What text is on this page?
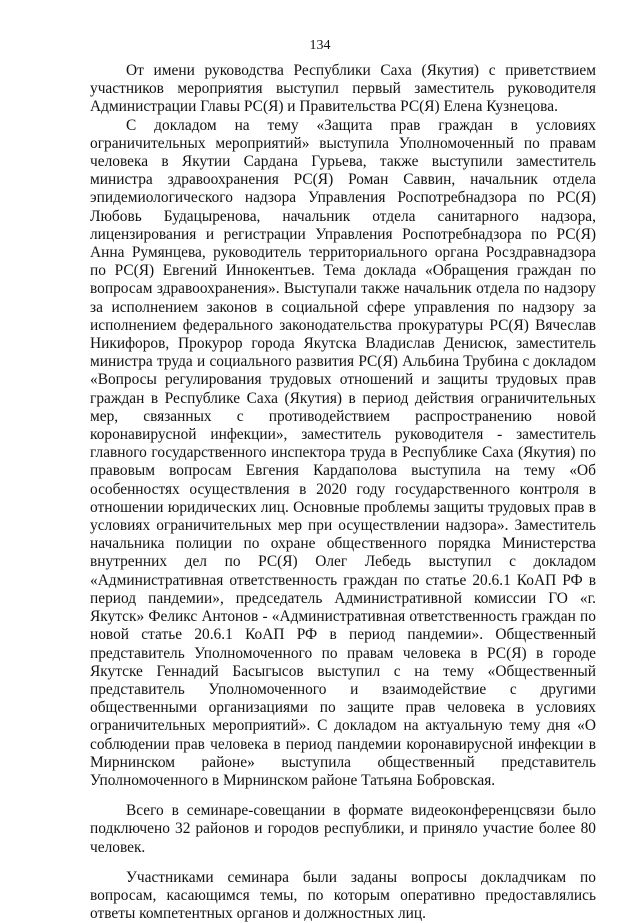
134

От имени руководства Республики Саха (Якутия) с приветствием участников мероприятия выступил первый заместитель руководителя Администрации Главы РС(Я) и Правительства РС(Я) Елена Кузнецова.

С докладом на тему «Защита прав граждан в условиях ограничительных мероприятий» выступила Уполномоченный по правам человека в Якутии Сардана Гурьева, также выступили заместитель министра здравоохранения РС(Я) Роман Саввин, начальник отдела эпидемиологического надзора Управления Роспотребнадзора по РС(Я) Любовь Будацыренова, начальник отдела санитарного надзора, лицензирования и регистрации Управления Роспотребнадзора по РС(Я) Анна Румянцева, руководитель территориального органа Росздравнадзора по РС(Я) Евгений Иннокентьев. Тема доклада «Обращения граждан по вопросам здравоохранения». Выступали также начальник отдела по надзору за исполнением законов в социальной сфере управления по надзору за исполнением федерального законодательства прокуратуры РС(Я) Вячеслав Никифоров, Прокурор города Якутска Владислав Денисюк, заместитель министра труда и социального развития РС(Я) Альбина Трубина с докладом «Вопросы регулирования трудовых отношений и защиты трудовых прав граждан в Республике Саха (Якутия) в период действия ограничительных мер, связанных с противодействием распространению новой коронавирусной инфекции», заместитель руководителя - заместитель главного государственного инспектора труда в Республике Саха (Якутия) по правовым вопросам Евгения Кардаполова выступила на тему «Об особенностях осуществления в 2020 году государственного контроля в отношении юридических лиц. Основные проблемы защиты трудовых прав в условиях ограничительных мер при осуществлении надзора». Заместитель начальника полиции по охране общественного порядка Министерства внутренних дел по РС(Я) Олег Лебедь выступил с докладом «Административная ответственность граждан по статье 20.6.1 КоАП РФ в период пандемии», председатель Административной комиссии ГО «г. Якутск» Феликс Антонов - «Административная ответственность граждан по новой статье 20.6.1 КоАП РФ в период пандемии». Общественный представитель Уполномоченного по правам человека в РС(Я) в городе Якутске Геннадий Басыгысов выступил с на тему «Общественный представитель Уполномоченного и взаимодействие с другими общественными организациями по защите прав человека в условиях ограничительных мероприятий». С докладом на актуальную тему дня «О соблюдении прав человека в период пандемии коронавирусной инфекции в Мирнинском районе» выступила общественный представитель Уполномоченного в Мирнинском районе Татьяна Бобровская.

Всего в семинаре-совещании в формате видеоконференцсвязи было подключено 32 районов и городов республики, и приняло участие более 80 человек.

Участниками семинара были заданы вопросы докладчикам по вопросам, касающимся темы, по которым оперативно предоставлялись ответы компетентных органов и должностных лиц.
